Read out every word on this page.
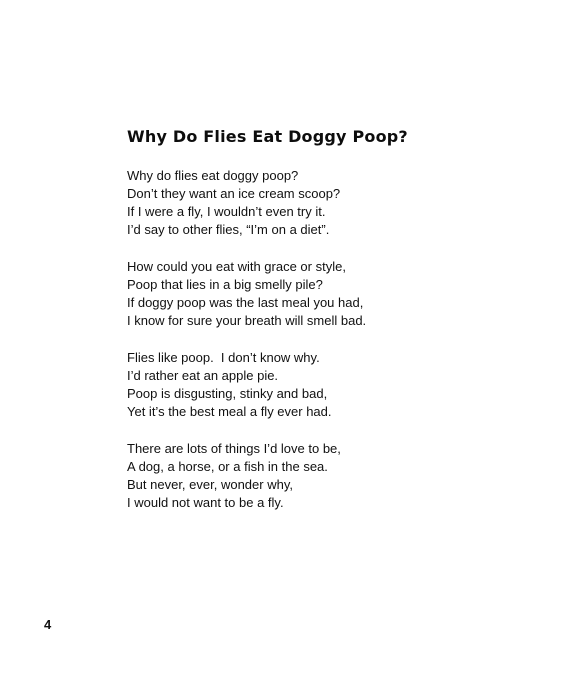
Why Do Flies Eat Doggy Poop?
Why do flies eat doggy poop?
Don’t they want an ice cream scoop?
If I were a fly, I wouldn’t even try it.
I’d say to other flies, “I’m on a diet”.
How could you eat with grace or style,
Poop that lies in a big smelly pile?
If doggy poop was the last meal you had,
I know for sure your breath will smell bad.
Flies like poop.  I don’t know why.
I’d rather eat an apple pie.
Poop is disgusting, stinky and bad,
Yet it’s the best meal a fly ever had.
There are lots of things I’d love to be,
A dog, a horse, or a fish in the sea.
But never, ever, wonder why,
I would not want to be a fly.
4
